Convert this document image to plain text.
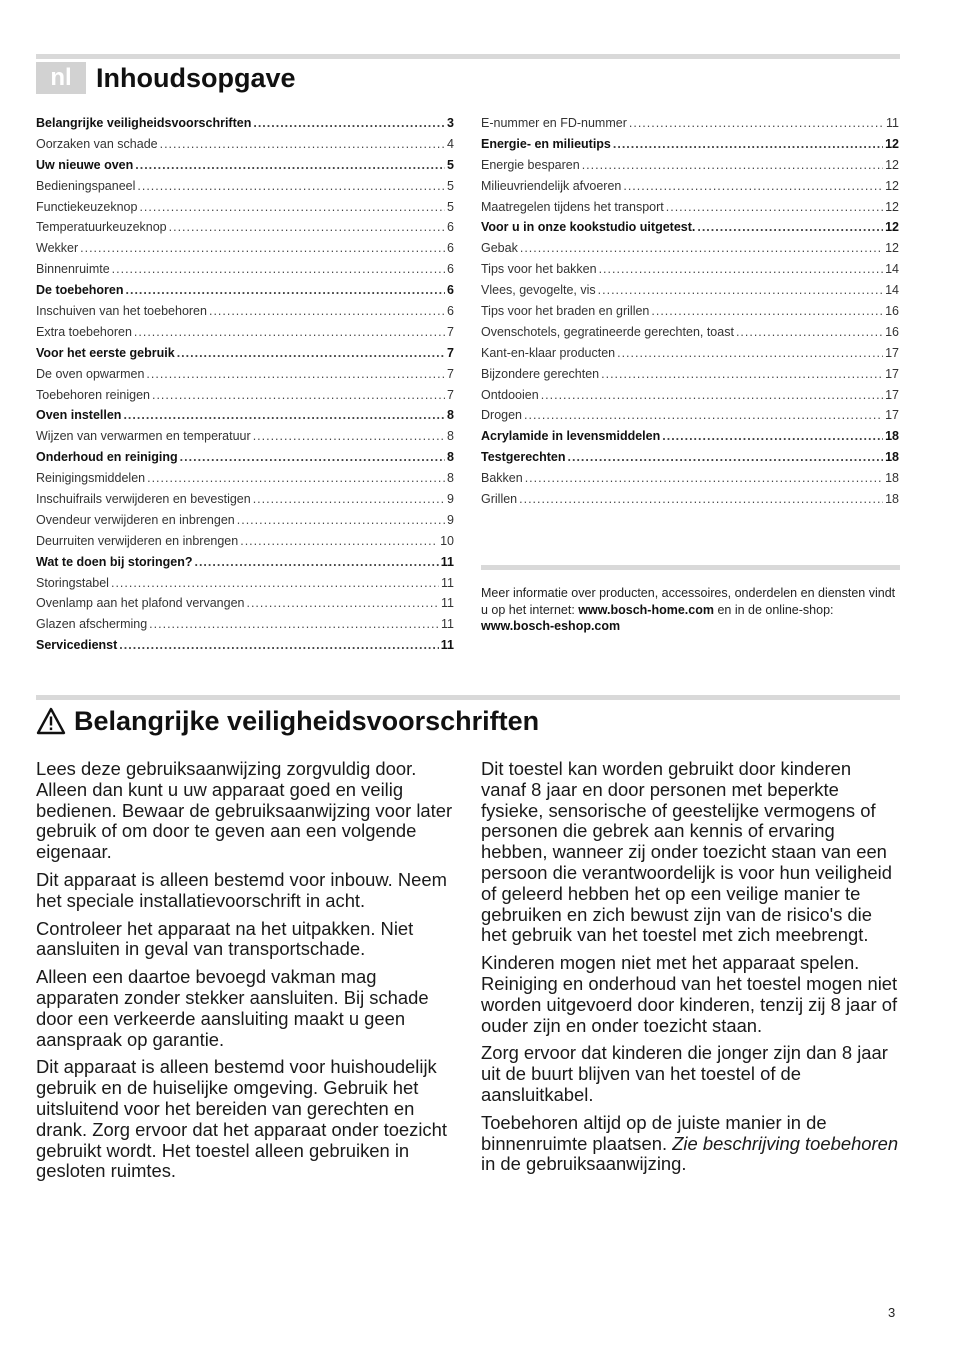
nl Inhoudsopgave
Belangrijke veiligheidsvoorschriften .....	3
Oorzaken van schade .....	4
Uw nieuwe oven .....	5
Bedieningspaneel .....	5
Functiekeuzeknop .....	5
Temperatuurkeuzeknop .....	6
Wekker .....	6
Binnenruimte .....	6
De toebehoren .....	6
Inschuiven van het toebehoren .....	6
Extra toebehoren .....	7
Voor het eerste gebruik .....	7
De oven opwarmen .....	7
Toebehoren reinigen .....	7
Oven instellen .....	8
Wijzen van verwarmen en temperatuur .....	8
Onderhoud en reiniging .....	8
Reinigingsmiddelen .....	8
Inschuifrails verwijderen en bevestigen .....	9
Ovendeur verwijderen en inbrengen .....	9
Deurruiten verwijderen en inbrengen .....	10
Wat te doen bij storingen? .....	11
Storingstabel .....	11
Ovenlamp aan het plafond vervangen .....	11
Glazen afscherming .....	11
Servicedienst .....	11
E-nummer en FD-nummer .....	11
Energie- en milieutips .....	12
Energie besparen .....	12
Milieuvriendelijk afvoeren .....	12
Maatregelen tijdens het transport .....	12
Voor u in onze kookstudio uitgetest. .....	12
Gebak .....	12
Tips voor het bakken .....	14
Vlees, gevogelte, vis .....	14
Tips voor het braden en grillen .....	16
Ovenschotels, gegratineerde gerechten, toast .....	16
Kant-en-klaar producten .....	17
Bijzondere gerechten .....	17
Ontdooien .....	17
Drogen .....	17
Acrylamide in levensmiddelen .....	18
Testgerechten .....	18
Bakken .....	18
Grillen .....	18
Meer informatie over producten, accessoires, onderdelen en diensten vindt u op het internet: www.bosch-home.com en in de online-shop: www.bosch-eshop.com
Belangrijke veiligheidsvoorschriften

Lees deze gebruiksaanwijzing zorgvuldig door. Alleen dan kunt u uw apparaat goed en veilig bedienen. Bewaar de gebruiksaanwijzing voor later gebruik of om door te geven aan een volgende eigenaar.

Dit apparaat is alleen bestemd voor inbouw. Neem het speciale installatievoorschrift in acht.

Controleer het apparaat na het uitpakken. Niet aansluiten in geval van transportschade.

Alleen een daartoe bevoegd vakman mag apparaten zonder stekker aansluiten. Bij schade door een verkeerde aansluiting maakt u geen aanspraak op garantie.

Dit apparaat is alleen bestemd voor huishoudelijk gebruik en de huiselijke omgeving. Gebruik het uitsluitend voor het bereiden van gerechten en drank. Zorg ervoor dat het apparaat onder toezicht gebruikt wordt. Het toestel alleen gebruiken in gesloten ruimtes.

Dit toestel kan worden gebruikt door kinderen vanaf 8 jaar en door personen met beperkte fysieke, sensorische of geestelijke vermogens of personen die gebrek aan kennis of ervaring hebben, wanneer zij onder toezicht staan van een persoon die verantwoordelijk is voor hun veiligheid of geleerd hebben het op een veilige manier te gebruiken en zich bewust zijn van de risico's die het gebruik van het toestel met zich meebrengt.

Kinderen mogen niet met het apparaat spelen. Reiniging en onderhoud van het toestel mogen niet worden uitgevoerd door kinderen, tenzij zij 8 jaar of ouder zijn en onder toezicht staan.

Zorg ervoor dat kinderen die jonger zijn dan 8 jaar uit de buurt blijven van het toestel of de aansluitkabel.

Toebehoren altijd op de juiste manier in de binnenruimte plaatsen. Zie beschrijving toebehoren  in de gebruiksaanwijzing.

3
